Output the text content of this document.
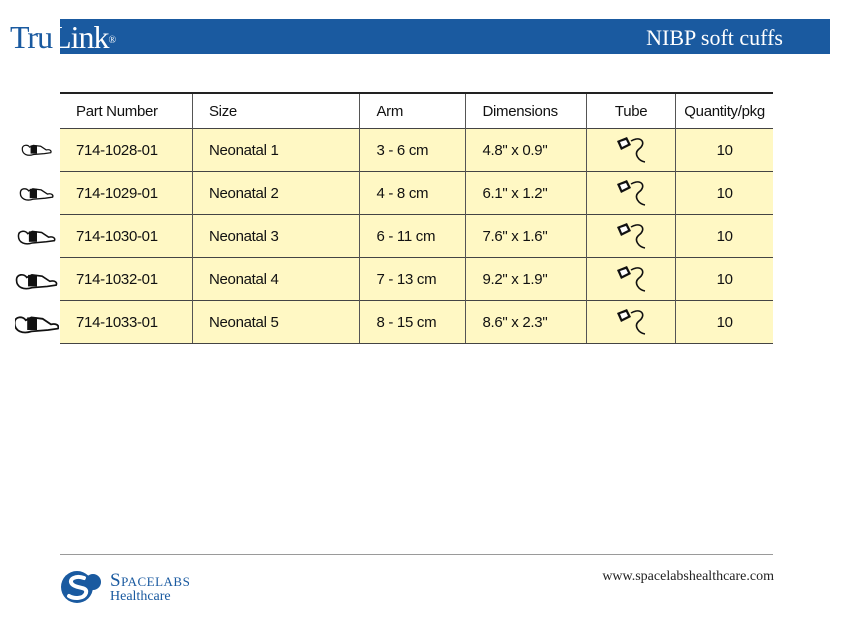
TruLink®	NIBP soft cuffs
Part Number	Size	Arm	Dimensions	Tube	Quantity/pkg
714-1028-01	Neonatal 1	3 - 6 cm	4.8" x 0.9"		10
714-1029-01	Neonatal 2	4 - 8 cm	6.1" x 1.2"		10
714-1030-01	Neonatal 3	6 - 11 cm	7.6" x 1.6"		10
714-1032-01	Neonatal 4	7 - 13 cm	9.2" x 1.9"		10
714-1033-01	Neonatal 5	8 - 15 cm	8.6" x 2.3"		10
Spacelabs
Healthcare
www.spacelabshealthcare.com
